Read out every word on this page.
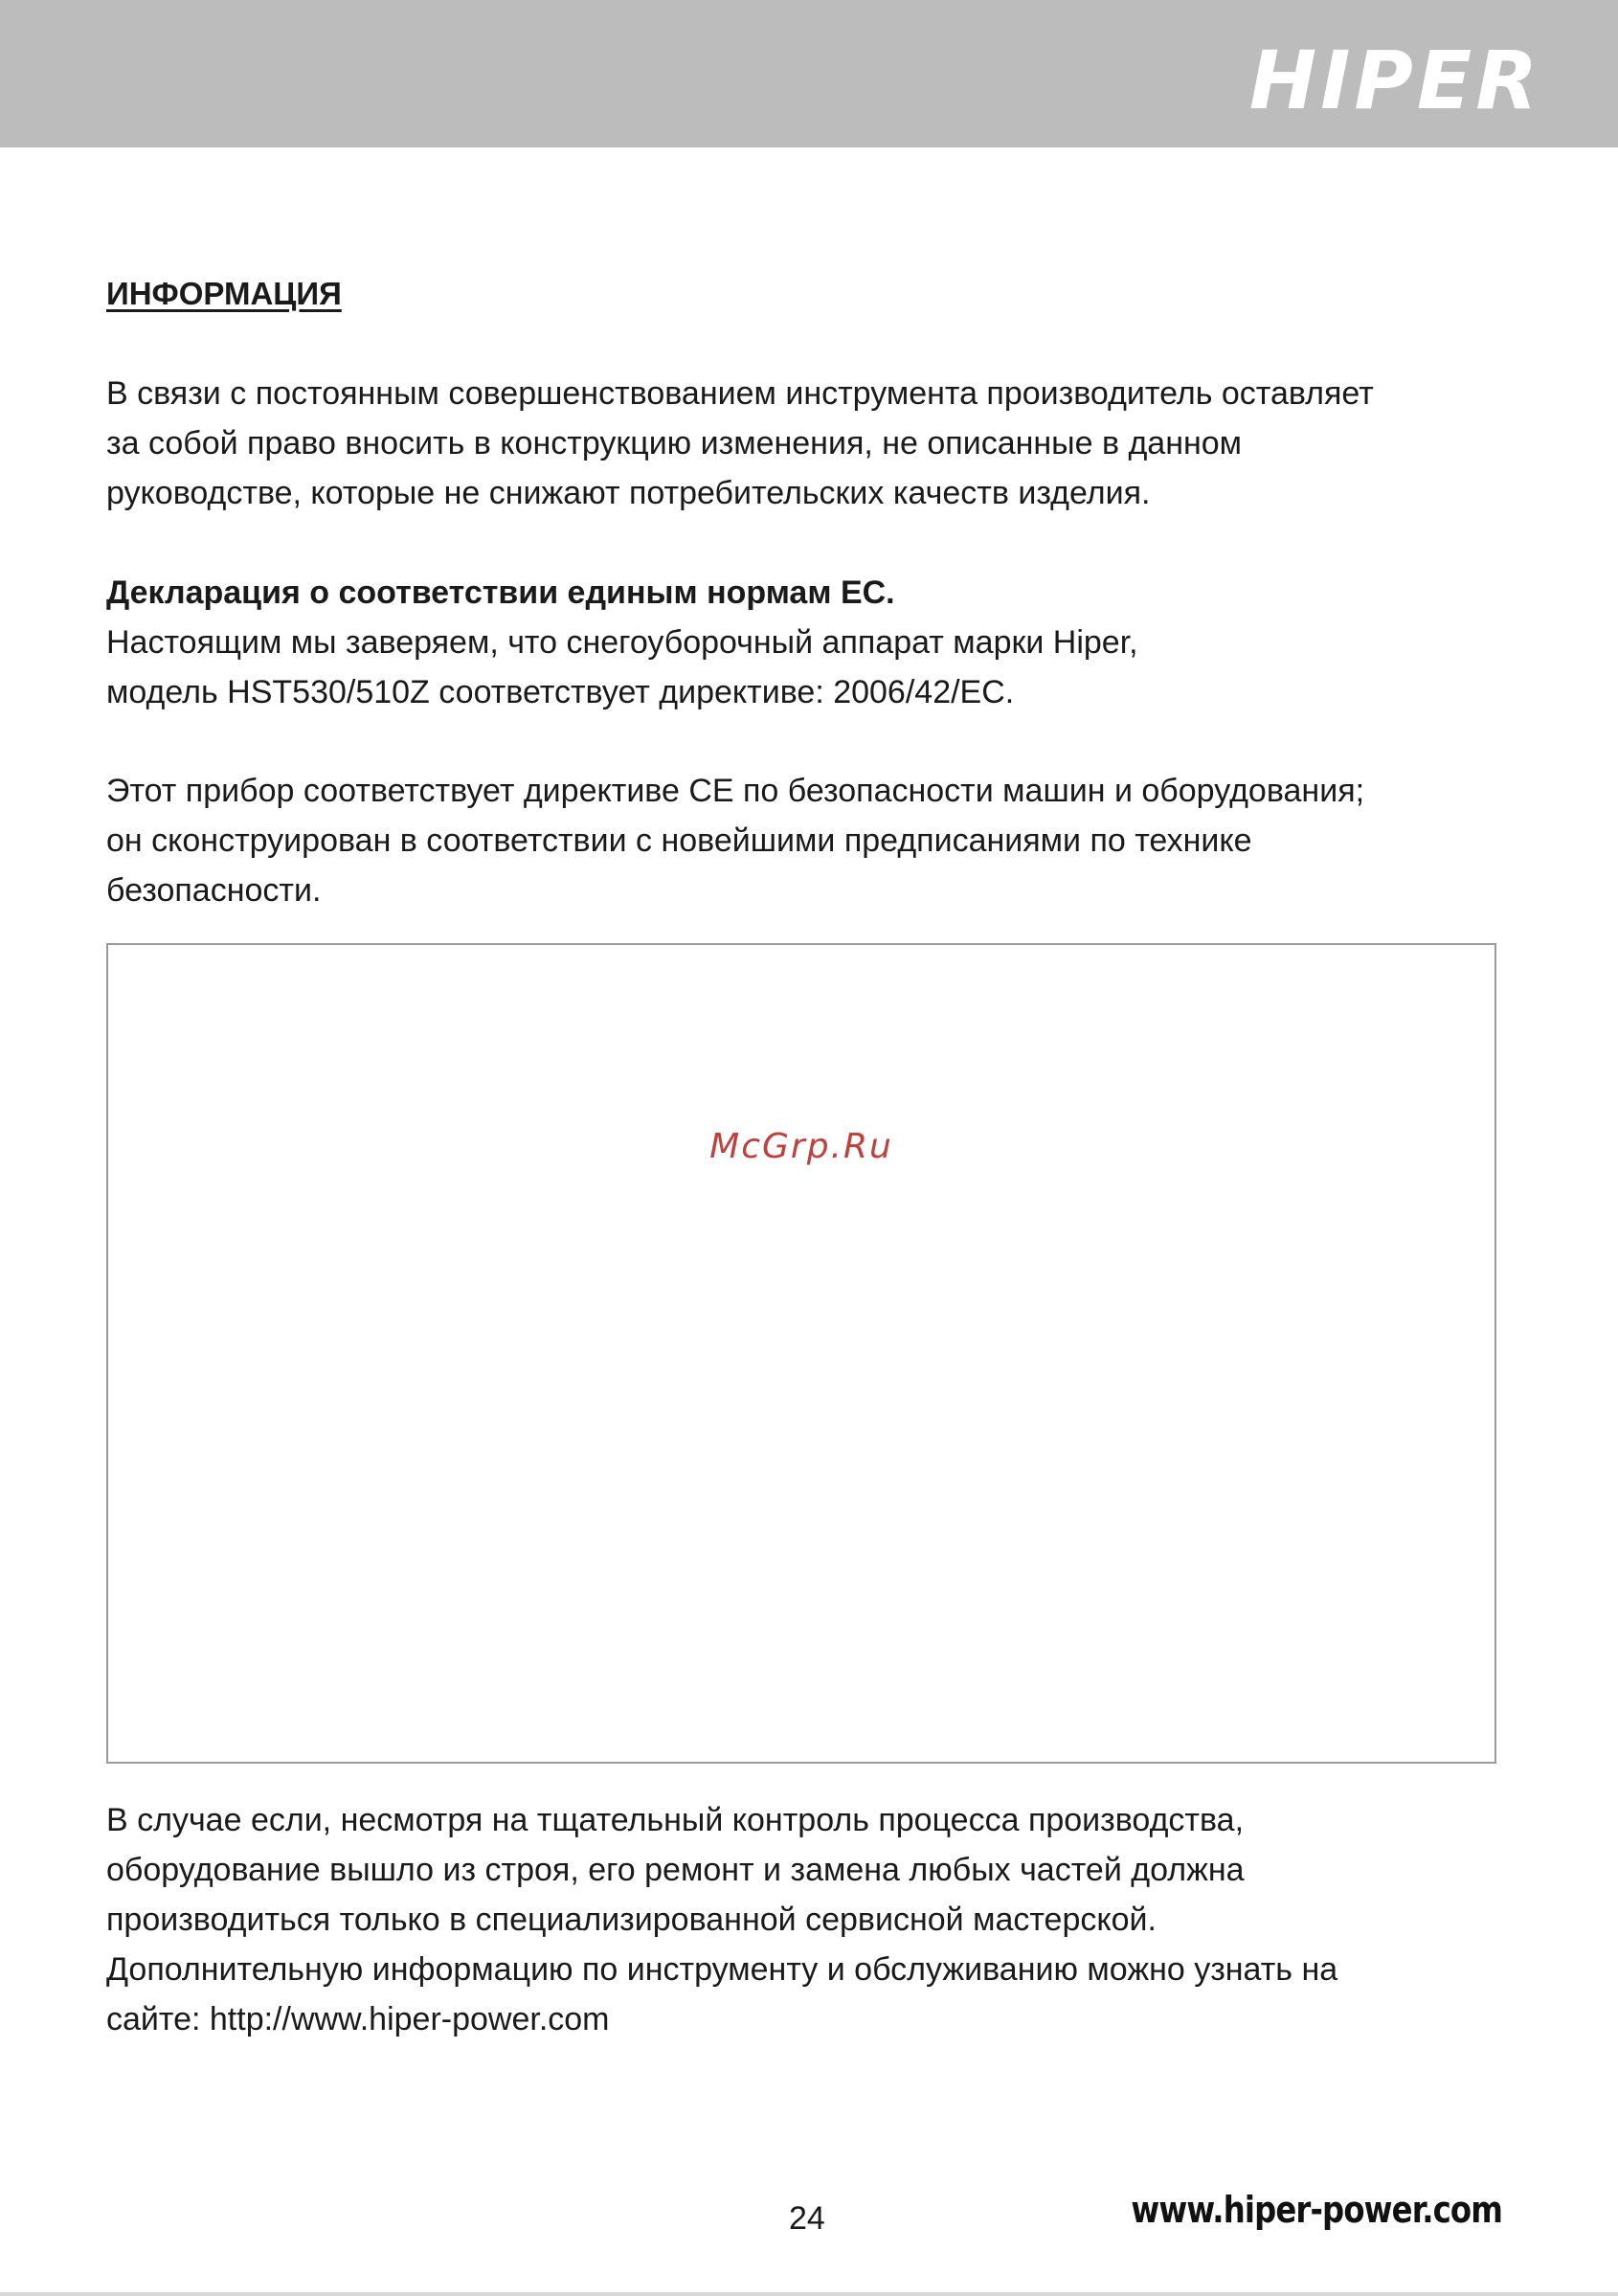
HIPER
ИНФОРМАЦИЯ
В связи с постоянным совершенствованием инструмента производитель оставляет
за собой право вносить в конструкцию изменения, не описанные в данном
руководстве, которые не снижают потребительских качеств изделия.
Декларация о соответствии единым нормам ЕС.
Настоящим мы заверяем, что снегоуборочный аппарат марки Hiper,
модель HST530/510Z соответствует директиве: 2006/42/ЕС.
Этот прибор соответствует директиве СЕ по безопасности машин и оборудования;
он сконструирован в соответствии с новейшими предписаниями по технике
безопасности.
McGrp.Ru
В случае если, несмотря на тщательный контроль процесса производства,
оборудование вышло из строя, его ремонт и замена любых частей должна
производиться только в специализированной сервисной мастерской.
Дополнительную информацию по инструменту и обслуживанию можно узнать на
сайте: http://www.hiper-power.com
24	www.hiper-power.com
